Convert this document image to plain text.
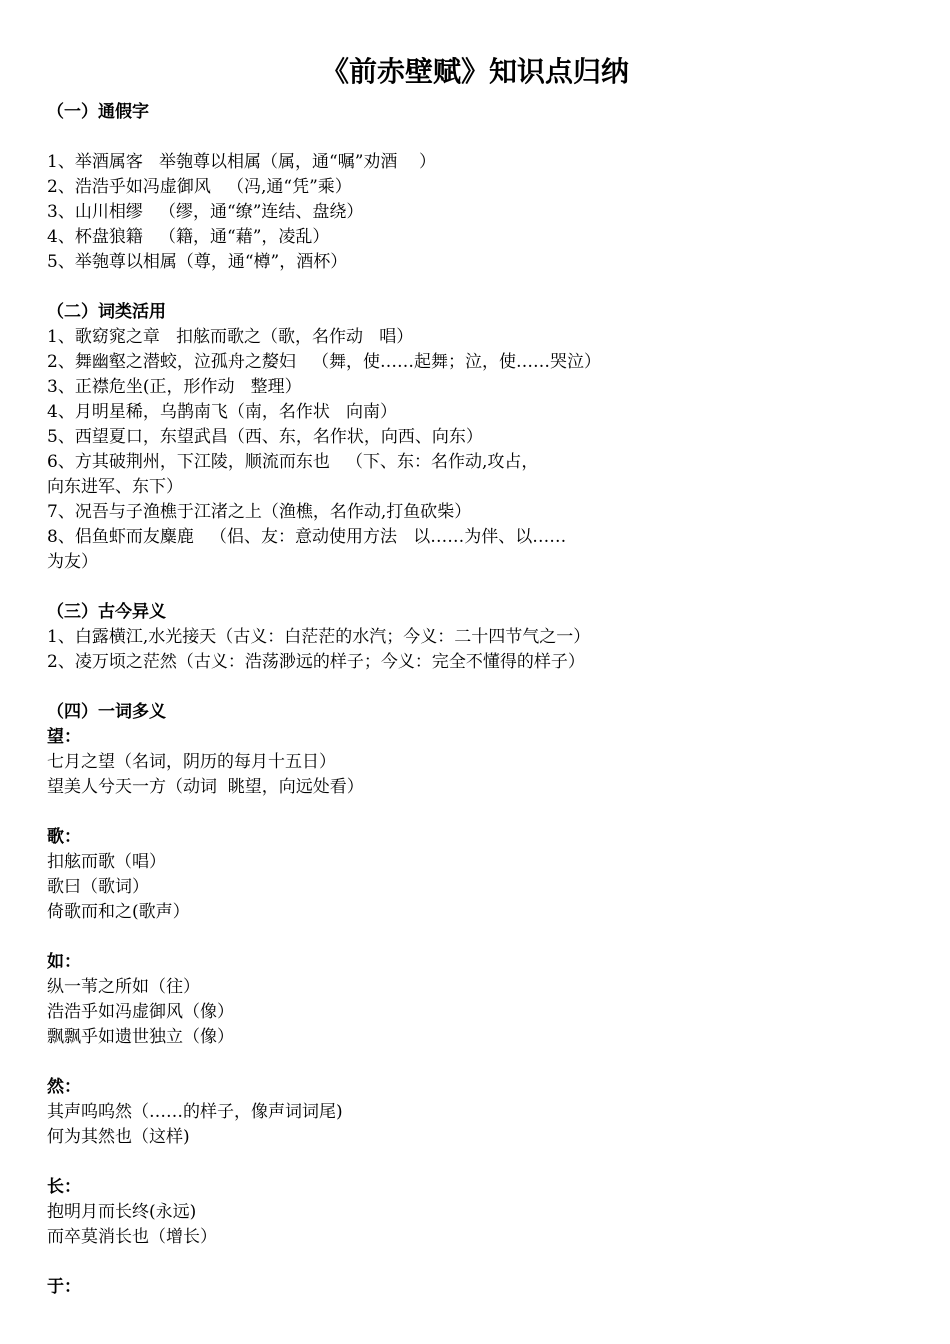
《前赤壁赋》知识点归纳
（一）通假字
1、举酒属客   举匏尊以相属（属，通“嘱”劝酒    ）
2、浩浩乎如冯虚御风   （冯,通“凭”乘）
3、山川相缪   （缪，通“缭”连结、盘绕）
4、杯盘狼籍   （籍，通“藉”，凌乱）
5、举匏尊以相属（尊，通“樽”，酒杯）
（二）词类活用
1、歌窈窕之章   扣舷而歌之（歌，名作动   唱）
2、舞幽壑之潜蛟，泣孤舟之嫠妇   （舞，使……起舞；泣，使……哭泣）
3、正襟危坐(正，形作动   整理）
4、月明星稀，乌鹊南飞（南，名作状   向南）
5、西望夏口，东望武昌（西、东，名作状，向西、向东）
6、方其破荆州，下江陵，顺流而东也   （下、东：名作动,攻占，
向东进军、东下）
7、况吾与子渔樵于江渚之上（渔樵，名作动,打鱼砍柴）
8、侣鱼虾而友麋鹿   （侣、友：意动使用方法   以……为伴、以……
为友）
（三）古今异义
1、白露横江,水光接天（古义：白茫茫的水汽；今义：二十四节气之一）
2、凌万顷之茫然（古义：浩荡渺远的样子；今义：完全不懂得的样子）
（四）一词多义
望：
七月之望（名词，阴历的每月十五日）
望美人兮天一方（动词  眺望，向远处看）
歌：
扣舷而歌（唱）
歌曰（歌词）
倚歌而和之(歌声）
如：
纵一苇之所如（往）
浩浩乎如冯虚御风（像）
飘飘乎如遗世独立（像）
然：
其声呜呜然（……的样子，像声词词尾)
何为其然也（这样)
长：
抱明月而长终(永远)
而卒莫消长也（增长）
于：
